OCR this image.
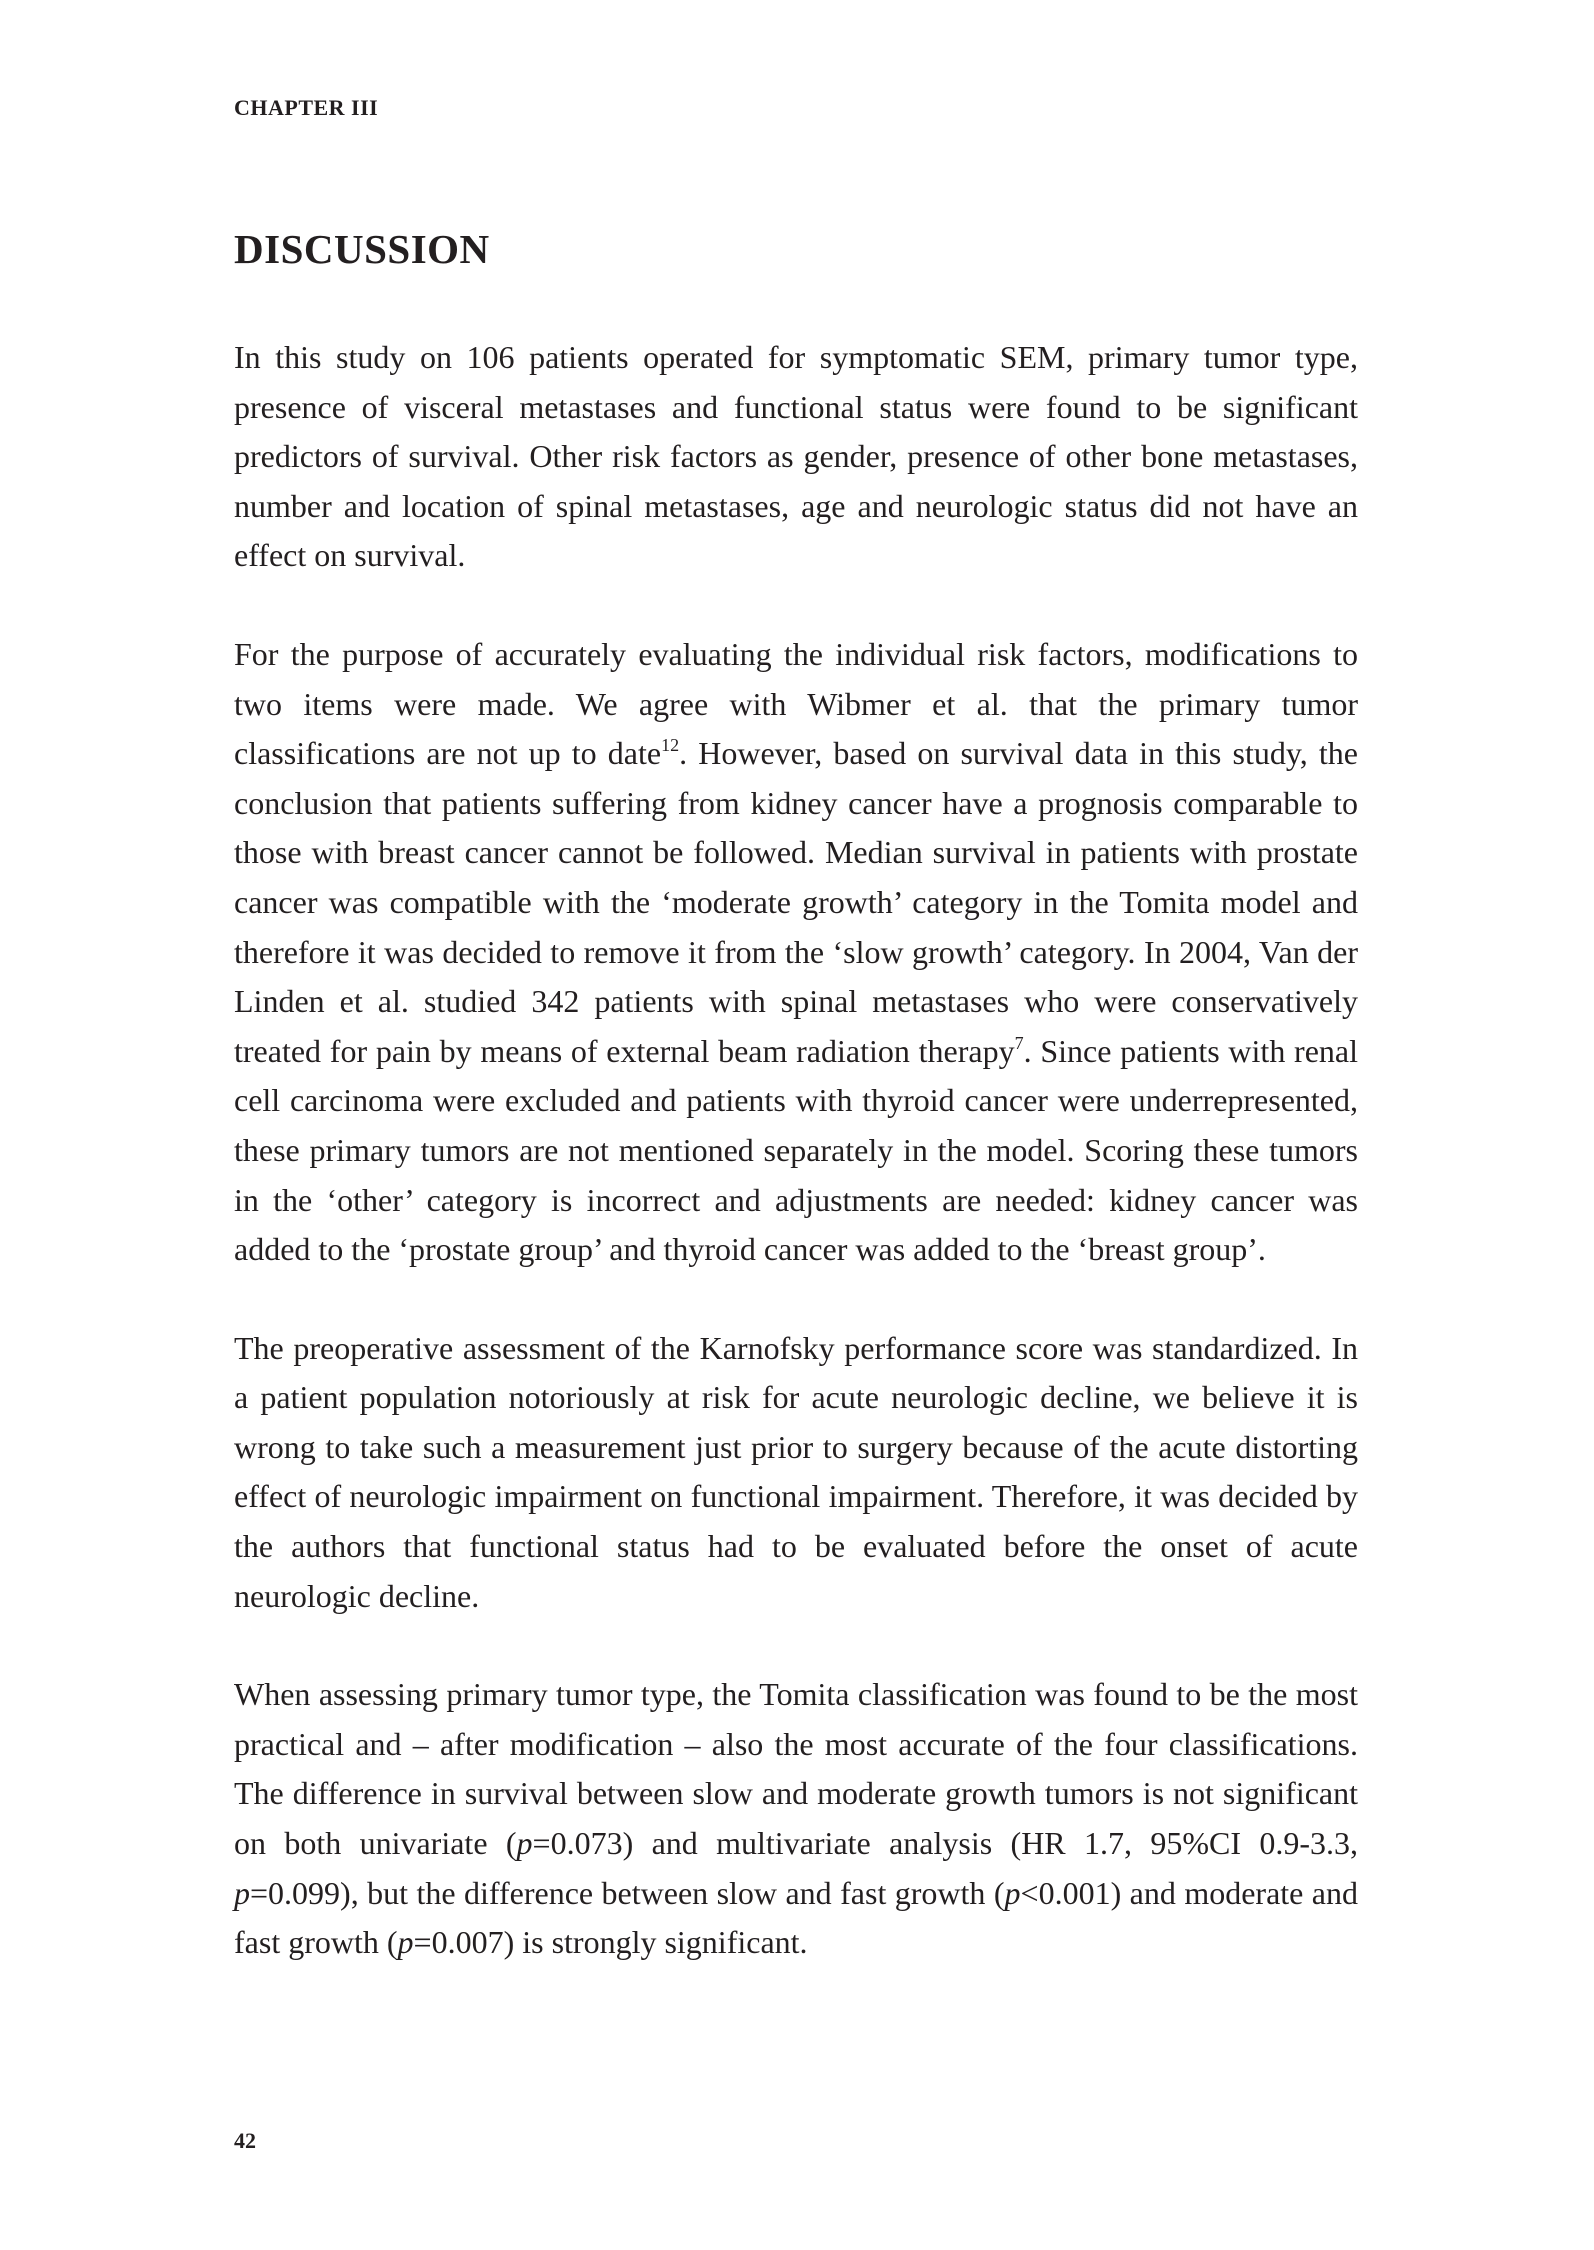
CHAPTER III
DISCUSSION

In this study on 106 patients operated for symptomatic SEM, primary tumor type, presence of visceral metastases and functional status were found to be significant predictors of survival. Other risk factors as gender, presence of other bone metastases, number and location of spinal metastases, age and neurologic status did not have an effect on survival.

For the purpose of accurately evaluating the individual risk factors, modifications to two items were made. We agree with Wibmer et al. that the primary tumor classifications are not up to date$^{12}$. However, based on survival data in this study, the conclusion that patients suffering from kidney cancer have a prognosis comparable to those with breast cancer cannot be followed. Median survival in patients with prostate cancer was compatible with the ‘moderate growth’ category in the Tomita model and therefore it was decided to remove it from the ‘slow growth’ category. In 2004, Van der Linden et al. studied 342 patients with spinal metastases who were conservatively treated for pain by means of external beam radiation therapy$^7$. Since patients with renal cell carcinoma were excluded and patients with thyroid cancer were underrepresented, these primary tumors are not mentioned separately in the model. Scoring these tumors in the ‘other’ category is incorrect and adjustments are needed: kidney cancer was added to the ‘prostate group’ and thyroid cancer was added to the ‘breast group’.

The preoperative assessment of the Karnofsky performance score was standardized. In a patient population notoriously at risk for acute neurologic decline, we believe it is wrong to take such a measurement just prior to surgery because of the acute distorting effect of neurologic impairment on functional impairment. Therefore, it was decided by the authors that functional status had to be evaluated before the onset of acute neurologic decline.

When assessing primary tumor type, the Tomita classification was found to be the most practical and – after modification – also the most accurate of the four classifications. The difference in survival between slow and moderate growth tumors is not significant on both univariate (p=0.073) and multivariate analysis (HR 1.7, 95%CI 0.9-3.3, p=0.099), but the difference between slow and fast growth (p<0.001) and moderate and fast growth (p=0.007) is strongly significant.

42
